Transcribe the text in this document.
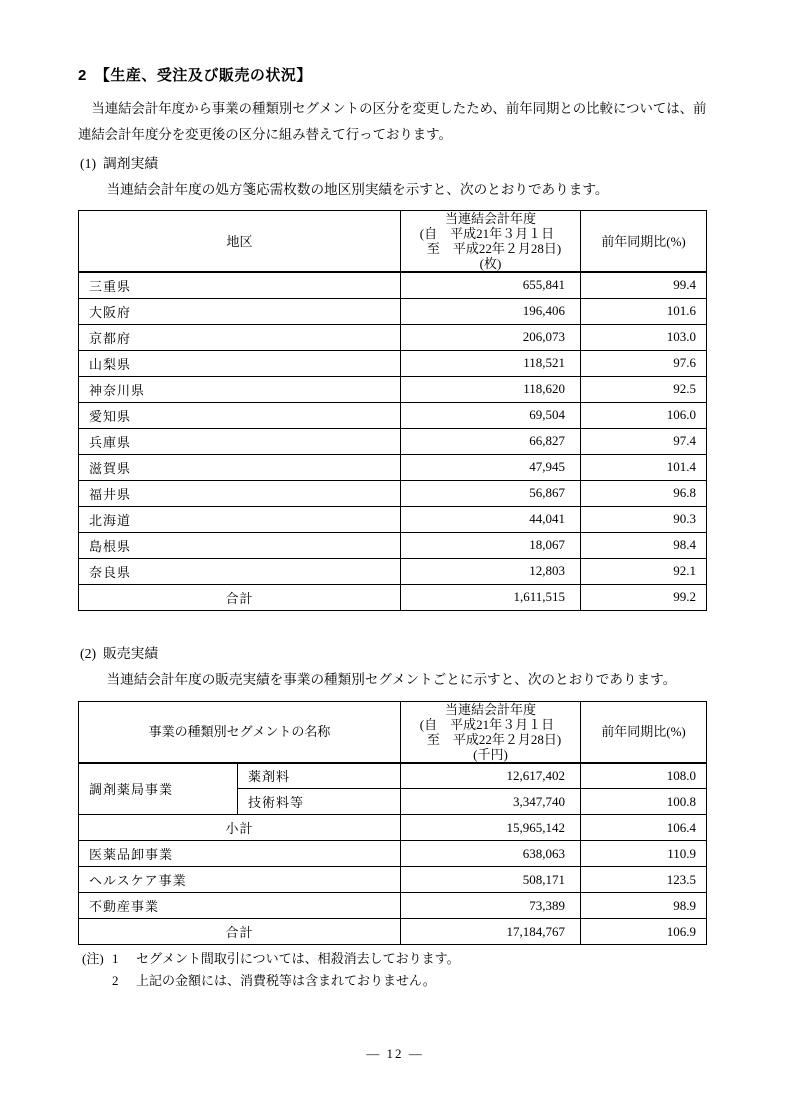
2　【生産、受注及び販売の状況】
当連結会計年度から事業の種類別セグメントの区分を変更したため、前年同期との比較については、前
連結会計年度分を変更後の区分に組み替えて行っております。
(1)  調剤実績
当連結会計年度の処方箋応需枚数の地区別実績を示すと、次のとおりであります。
地区	当連結会計年度
(自　平成21年３月１日
至　平成22年２月28日)
(枚)	前年同期比(%)
三重県	655,841	99.4
大阪府	196,406	101.6
京都府	206,073	103.0
山梨県	118,521	97.6
神奈川県	118,620	92.5
愛知県	69,504	106.0
兵庫県	66,827	97.4
滋賀県	47,945	101.4
福井県	56,867	96.8
北海道	44,041	90.3
島根県	18,067	98.4
奈良県	12,803	92.1
合計	1,611,515	99.2
(2)  販売実績
当連結会計年度の販売実績を事業の種類別セグメントごとに示すと、次のとおりであります。
事業の種類別セグメントの名称		当連結会計年度
(自　平成21年３月１日
至　平成22年２月28日)
(千円)	前年同期比(%)
調剤薬局事業	薬剤料	12,617,402	108.0
	技術料等	3,347,740	100.8
小計		15,965,142	106.4
医薬品卸事業		638,063	110.9
ヘルスケア事業		508,171	123.5
不動産事業		73,389	98.9
合計		17,184,767	106.9
(注) 1	セグメント間取引については、相殺消去しております。
2	上記の金額には、消費税等は含まれておりません。
― 12 ―
